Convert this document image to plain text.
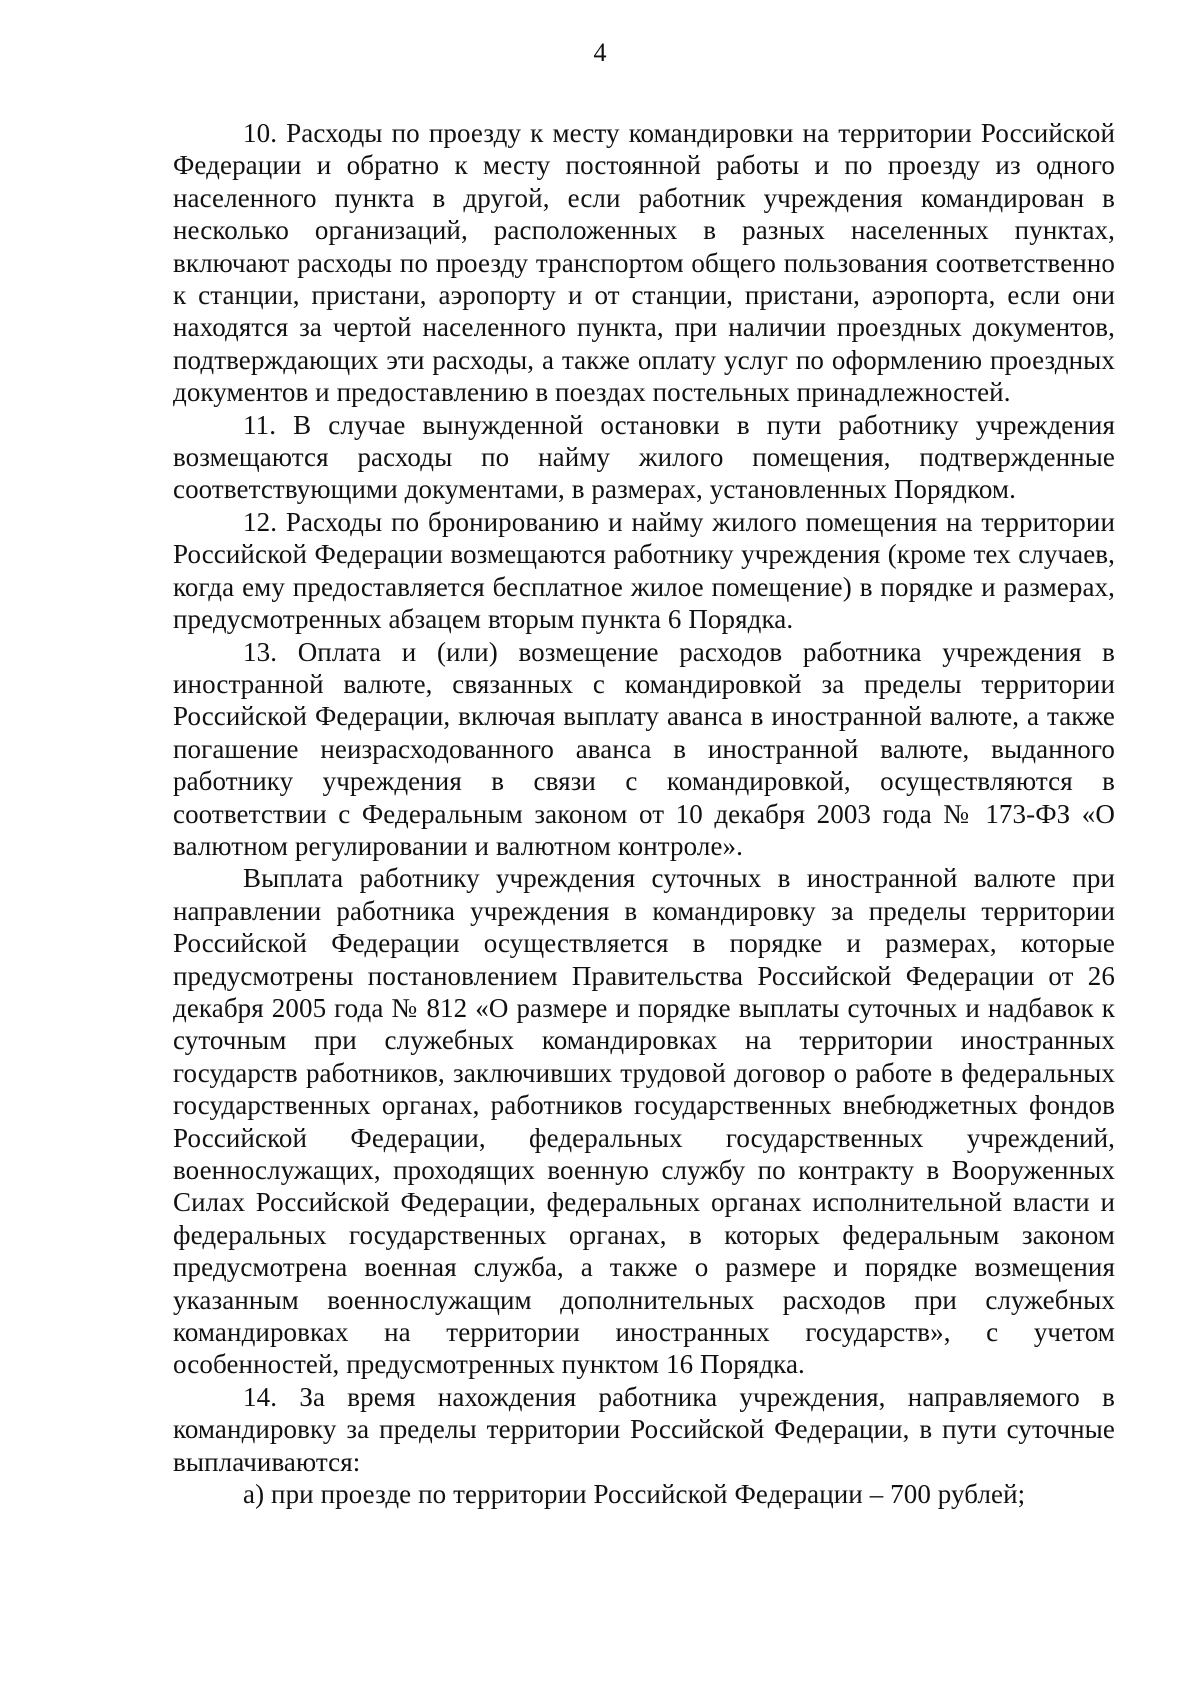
4

10. Расходы по проезду к месту командировки на территории Российской Федерации и обратно к месту постоянной работы и по проезду из одного населенного пункта в другой, если работник учреждения командирован в несколько организаций, расположенных в разных населенных пунктах, включают расходы по проезду транспортом общего пользования соответственно к станции, пристани, аэропорту и от станции, пристани, аэропорта, если они находятся за чертой населенного пункта, при наличии проездных документов, подтверждающих эти расходы, а также оплату услуг по оформлению проездных документов и предоставлению в поездах постельных принадлежностей.

11. В случае вынужденной остановки в пути работнику учреждения возмещаются расходы по найму жилого помещения, подтвержденные соответствующими документами, в размерах, установленных Порядком.

12. Расходы по бронированию и найму жилого помещения на территории Российской Федерации возмещаются работнику учреждения (кроме тех случаев, когда ему предоставляется бесплатное жилое помещение) в порядке и размерах, предусмотренных абзацем вторым пункта 6 Порядка.

13. Оплата и (или) возмещение расходов работника учреждения в иностранной валюте, связанных с командировкой за пределы территории Российской Федерации, включая выплату аванса в иностранной валюте, а также погашение неизрасходованного аванса в иностранной валюте, выданного работнику учреждения в связи с командировкой, осуществляются в соответствии с Федеральным законом от 10 декабря 2003 года № 173-ФЗ «О валютном регулировании и валютном контроле».

Выплата работнику учреждения суточных в иностранной валюте при направлении работника учреждения в командировку за пределы территории Российской Федерации осуществляется в порядке и размерах, которые предусмотрены постановлением Правительства Российской Федерации от 26 декабря 2005 года № 812 «О размере и порядке выплаты суточных и надбавок к суточным при служебных командировках на территории иностранных государств работников, заключивших трудовой договор о работе в федеральных государственных органах, работников государственных внебюджетных фондов Российской Федерации, федеральных государственных учреждений, военнослужащих, проходящих военную службу по контракту в Вооруженных Силах Российской Федерации, федеральных органах исполнительной власти и федеральных государственных органах, в которых федеральным законом предусмотрена военная служба, а также о размере и порядке возмещения указанным военнослужащим дополнительных расходов при служебных командировках на территории иностранных государств», с учетом особенностей, предусмотренных пунктом 16 Порядка.

14. За время нахождения работника учреждения, направляемого в командировку за пределы территории Российской Федерации, в пути суточные выплачиваются:

а) при проезде по территории Российской Федерации – 700 рублей;
